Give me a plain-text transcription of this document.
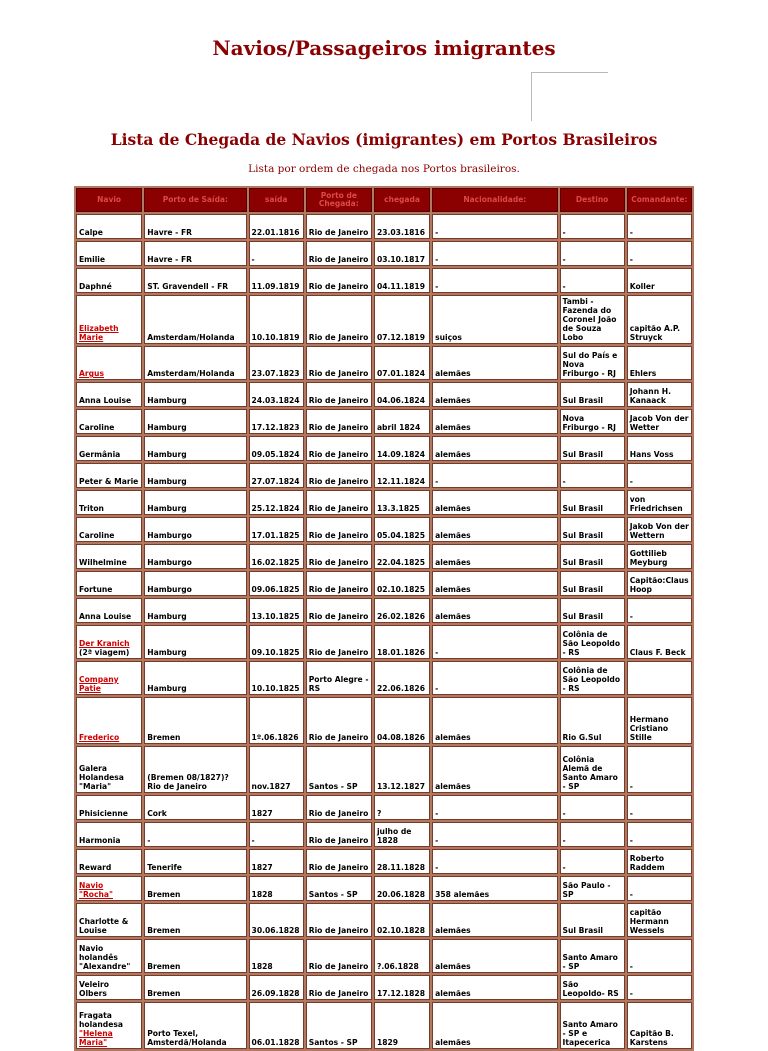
Navios/Passageiros imigrantes
Lista de Chegada de Navios (imigrantes) em Portos Brasileiros
Lista por ordem de chegada nos Portos brasileiros.
Navio	Porto de Saída:	saída	Porto de Chegada:	chegada	Nacionalidade:	Destino	Comandante:
Calpe	Havre - FR	22.01.1816	Rio de Janeiro	23.03.1816	-	-	-
Emilie	Havre - FR	-	Rio de Janeiro	03.10.1817	-	-	-
Daphné	ST. Gravendell - FR	11.09.1819	Rio de Janeiro	04.11.1819	-	-	Koller
Elizabeth Marie	Amsterdam/Holanda	10.10.1819	Rio de Janeiro	07.12.1819	suiços	Tambi - Fazenda do Coronel João de Souza Lobo	capitão A.P. Struyck
Argus	Amsterdam/Holanda	23.07.1823	Rio de Janeiro	07.01.1824	alemães	Sul do País e Nova Friburgo - RJ	Ehlers
Anna Louise	Hamburg	24.03.1824	Rio de Janeiro	04.06.1824	alemães	Sul Brasil	Johann H. Kanaack
Caroline	Hamburg	17.12.1823	Rio de Janeiro	abril 1824	alemães	Nova Friburgo - RJ	Jacob Von der Wetter
Germânia	Hamburg	09.05.1824	Rio de Janeiro	14.09.1824	alemães	Sul Brasil	Hans Voss
Peter & Marie	Hamburg	27.07.1824	Rio de Janeiro	12.11.1824	-	-	-
Triton	Hamburg	25.12.1824	Rio de Janeiro	13.3.1825	alemães	Sul Brasil	von Friedrichsen
Caroline	Hamburgo	17.01.1825	Rio de Janeiro	05.04.1825	alemães	Sul Brasil	Jakob Von der Wettern
Wilhelmine	Hamburgo	16.02.1825	Rio de Janeiro	22.04.1825	alemães	Sul Brasil	Gottilieb Meyburg
Fortune	Hamburgo	09.06.1825	Rio de Janeiro	02.10.1825	alemães	Sul Brasil	Capitão:Claus Hoop
Anna Louise	Hamburg	13.10.1825	Rio de Janeiro	26.02.1826	alemães	Sul Brasil	-
Der Kranich
(2ª viagem)	Hamburg	09.10.1825	Rio de Janeiro	18.01.1826	-	Colônia de São Leopoldo - RS	Claus F. Beck
Company Patie	Hamburg	10.10.1825	Porto Alegre - RS	22.06.1826	-	Colônia de São Leopoldo - RS	
Frederico	Bremen	1º.06.1826	Rio de Janeiro	04.08.1826	alemães	Rio G.Sul	Hermano Cristiano Stille
Galera Holandesa "Maria"	(Bremen 08/1827)? Rio de Janeiro	nov.1827	Santos - SP	13.12.1827	alemães	Colônia Alemã de Santo Amaro - SP	-
Phisicienne	Cork	1827	Rio de Janeiro	?	-	-	-
Harmonia	-	-	Rio de Janeiro	julho de 1828	-	-	-
Reward	Tenerife	1827	Rio de Janeiro	28.11.1828	-	-	Roberto Raddem
Navio "Rocha"	Bremen	1828	Santos - SP	20.06.1828	358 alemães	São Paulo - SP	-
Charlotte & Louise	Bremen	30.06.1828	Rio de Janeiro	02.10.1828	alemães	Sul Brasil	capitão Hermann Wessels
Navio holandês "Alexandre"	Bremen	1828	Rio de Janeiro	?.06.1828	alemães	Santo Amaro - SP	-
Veleiro Olbers	Bremen	26.09.1828	Rio de Janeiro	17.12.1828	alemães	São Leopoldo- RS	-
Fragata holandesa
"Helena Maria"	Porto Texel, Amsterdã/Holanda	06.01.1828	Santos - SP	1829	alemães	Santo Amaro - SP e Itapecerica	Capitão B. Karstens
